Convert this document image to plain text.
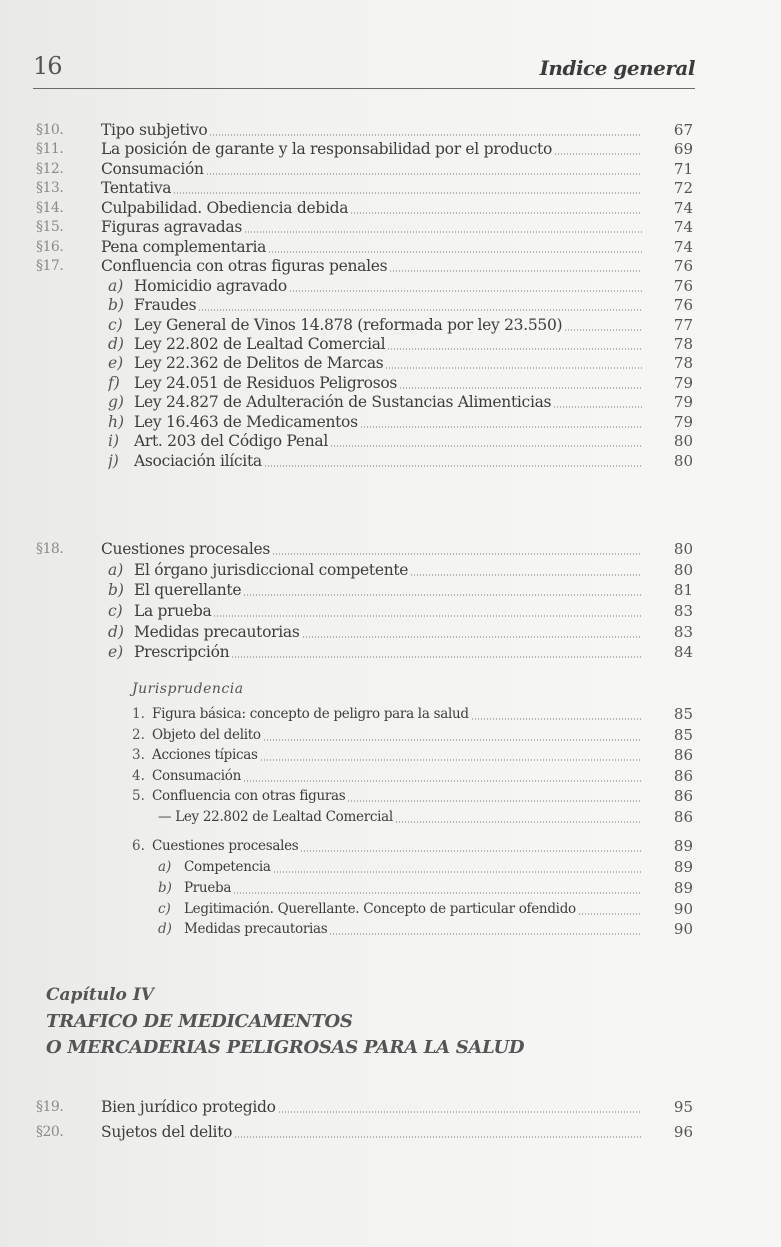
16	Indice general
§10. Tipo subjetivo	67
§11. La posición de garante y la responsabilidad por el producto	69
§12. Consumación	71
§13. Tentativa	72
§14. Culpabilidad. Obediencia debida	74
§15. Figuras agravadas	74
§16. Pena complementaria	74
§17. Confluencia con otras figuras penales	76
a) Homicidio agravado	76
b) Fraudes	76
c) Ley General de Vinos 14.878 (reformada por ley 23.550)	77
d) Ley 22.802 de Lealtad Comercial	78
e) Ley 22.362 de Delitos de Marcas	78
f) Ley 24.051 de Residuos Peligrosos	79
g) Ley 24.827 de Adulteración de Sustancias Alimenticias	79
h) Ley 16.463 de Medicamentos	79
i) Art. 203 del Código Penal	80
j) Asociación ilícita	80
§18. Cuestiones procesales	80
a) El órgano jurisdiccional competente	80
b) El querellante	81
c) La prueba	83
d) Medidas precautorias	83
e) Prescripción	84
1. Figura básica: concepto de peligro para la salud	85
2. Objeto del delito	85
3. Acciones típicas	86
4. Consumación	86
5. Confluencia con otras figuras	86
— Ley 22.802 de Lealtad Comercial	86
6. Cuestiones procesales	89
a) Competencia	89
b) Prueba	89
c) Legitimación. Querellante. Concepto de particular ofendido	90
d) Medidas precautorias	90
§19. Bien jurídico protegido	95
§20. Sujetos del delito	96
Jurisprudencia
Capítulo IV
TRAFICO DE MEDICAMENTOS
O MERCADERIAS PELIGROSAS PARA LA SALUD
